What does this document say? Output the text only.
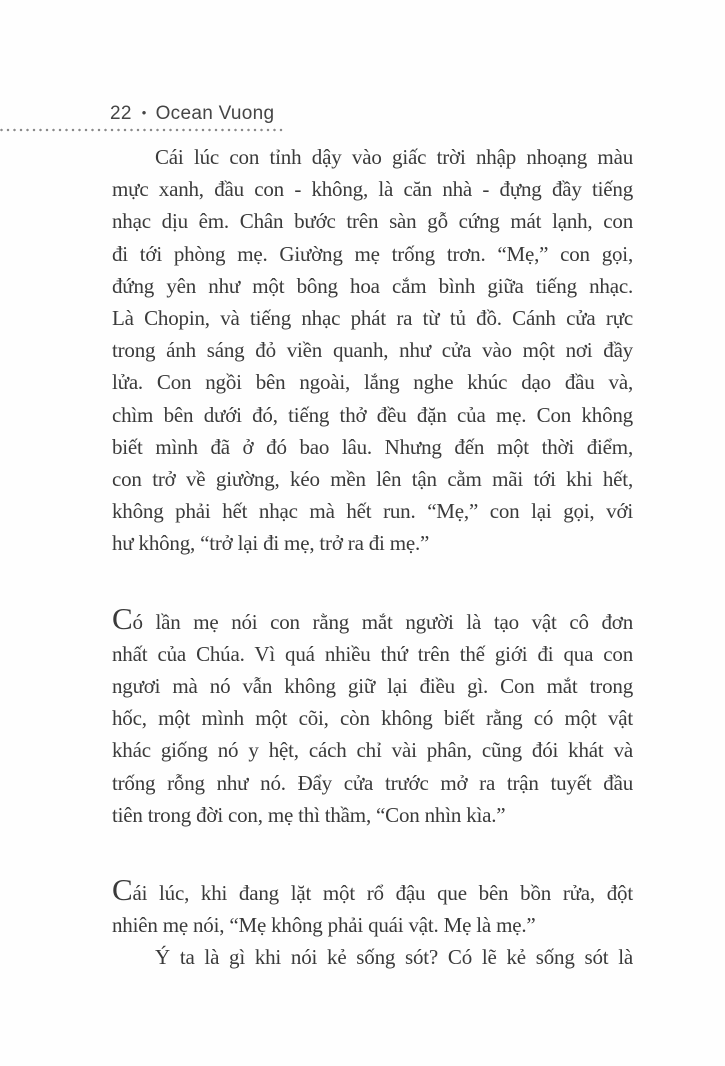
22 • Ocean Vuong

Cái lúc con tỉnh dậy vào giấc trời nhập nhoạng màu
mực xanh, đầu con - không, là căn nhà - đựng đầy tiếng
nhạc dịu êm. Chân bước trên sàn gỗ cứng mát lạnh, con
đi tới phòng mẹ. Giường mẹ trống trơn. “Mẹ,” con gọi,
đứng yên như một bông hoa cắm bình giữa tiếng nhạc.
Là Chopin, và tiếng nhạc phát ra từ tủ đồ. Cánh cửa rực
trong ánh sáng đỏ viền quanh, như cửa vào một nơi đầy
lửa. Con ngồi bên ngoài, lắng nghe khúc dạo đầu và,
chìm bên dưới đó, tiếng thở đều đặn của mẹ. Con không
biết mình đã ở đó bao lâu. Nhưng đến một thời điểm,
con trở về giường, kéo mền lên tận cằm mãi tới khi hết,
không phải hết nhạc mà hết run. “Mẹ,” con lại gọi, với
hư không, “trở lại đi mẹ, trở ra đi mẹ.”

Có lần mẹ nói con rằng mắt người là tạo vật cô đơn
nhất của Chúa. Vì quá nhiều thứ trên thế giới đi qua con
ngươi mà nó vẫn không giữ lại điều gì. Con mắt trong
hốc, một mình một cõi, còn không biết rằng có một vật
khác giống nó y hệt, cách chỉ vài phân, cũng đói khát và
trống rỗng như nó. Đẩy cửa trước mở ra trận tuyết đầu
tiên trong đời con, mẹ thì thầm, “Con nhìn kìa.”

Cái lúc, khi đang lặt một rổ đậu que bên bồn rửa, đột
nhiên mẹ nói, “Mẹ không phải quái vật. Mẹ là mẹ.”

Ý ta là gì khi nói kẻ sống sót? Có lẽ kẻ sống sót là
